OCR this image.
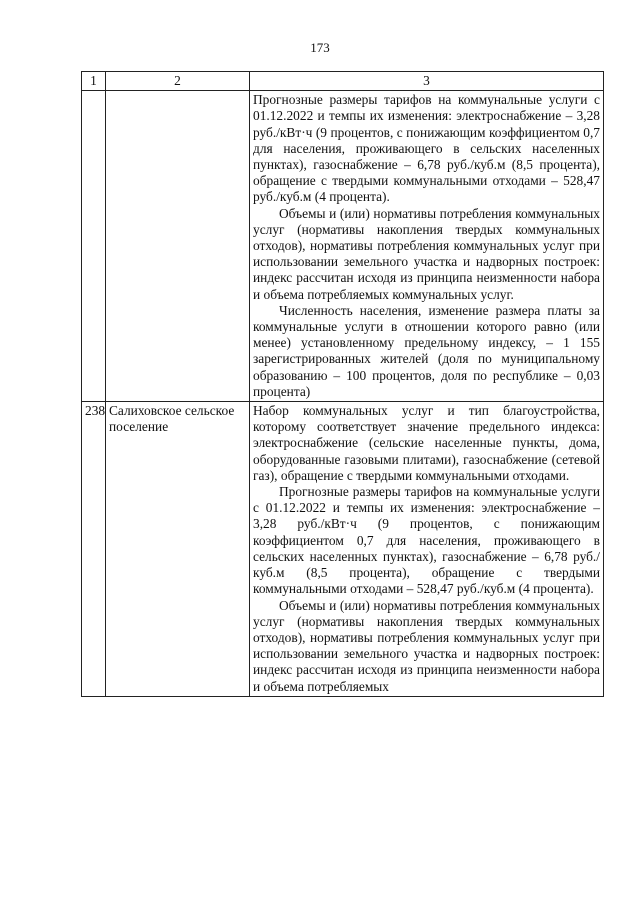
173
1	2	3

		Прогнозные размеры тарифов на коммунальные услуги с 01.12.2022 и темпы их изменения: электроснабжение – 3,28 руб./кВт·ч (9 процентов, с понижающим коэффициентом 0,7 для населения, проживающего в сельских населенных пунктах), газоснабжение – 6,78 руб./куб.м (8,5 процента), обращение с твердыми коммунальными отходами – 528,47 руб./куб.м (4 процента).

Объемы и (или) нормативы потребления коммунальных услуг (нормативы накопления твердых коммунальных отходов), нормативы потребления коммунальных услуг при использовании земельного участка и надворных построек: индекс рассчитан исходя из принципа неизменности набора и объема потребляемых коммунальных услуг.

Численность населения, изменение размера платы за коммунальные услуги в отношении которого равно (или менее) установленному предельному индексу, – 1 155 зарегистрированных жителей (доля по муниципальному образованию – 100 процентов, доля по республике – 0,03 процента)

238	Салиховское сельское поселение	Набор коммунальных услуг и тип благоустройства, которому соответствует значение предельного индекса: электроснабжение (сельские населенные пункты, дома, оборудованные газовыми плитами), газоснабжение (сетевой газ), обращение с твердыми коммунальными отходами.

Прогнозные размеры тарифов на коммунальные услуги с 01.12.2022 и темпы их изменения: электроснабжение – 3,28 руб./кВт·ч (9 процентов, с понижающим коэффициентом 0,7 для населения, проживающего в сельских населенных пунктах), газоснабжение – 6,78 руб./куб.м (8,5 процента), обращение с твердыми коммунальными отходами – 528,47 руб./куб.м (4 процента).

Объемы и (или) нормативы потребления коммунальных услуг (нормативы накопления твердых коммунальных отходов), нормативы потребления коммунальных услуг при использовании земельного участка и надворных построек: индекс рассчитан исходя из принципа неизменности набора и объема потребляемых
